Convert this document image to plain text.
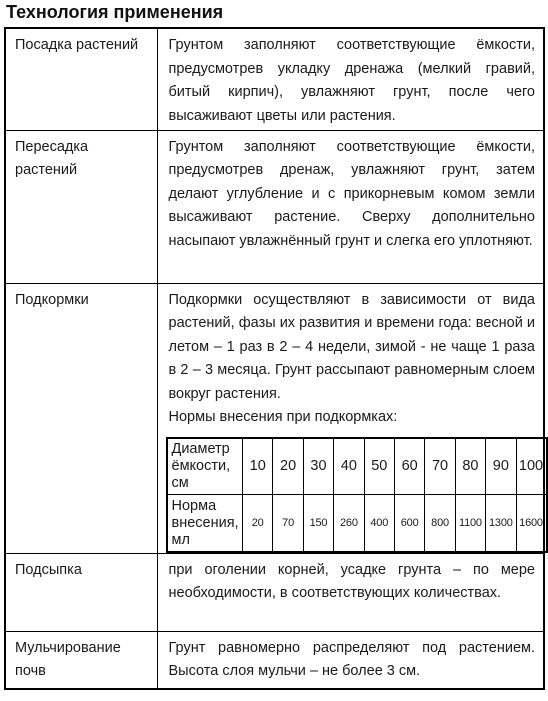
Технология применения
Посадка растений	Грунтом заполняют соответствующие ёмкости, предусмотрев укладку дренажа (мелкий гравий, битый кирпич), увлажняют грунт, после чего высаживают цветы или растения.
Пересадка растений	Грунтом заполняют соответствующие ёмкости, предусмотрев дренаж, увлажняют грунт, затем делают углубление и с прикорневым комом земли высаживают растение. Сверху дополнительно насыпают увлажнённый грунт и слегка его уплотняют.
Подкормки	Подкормки осуществляют в зависимости от вида растений, фазы их развития и времени года: весной и летом – 1 раз в 2 – 4 недели, зимой - не чаще 1 раза в 2 – 3 месяца. Грунт рассыпают равномерным слоем вокруг растения.
Нормы внесения при подкормках:
Диаметр ёмкости, см	10	20	30	40	50	60	70	80	90	100
Норма внесения, мл	20	70	150	260	400	600	800	1100	1300	1600

Подсыпка	при оголении корней, усадке грунта – по мере необходимости, в соответствующих количествах.
Мульчирование почв	Грунт равномерно распределяют под растением. Высота слоя мульчи – не более 3 см.
